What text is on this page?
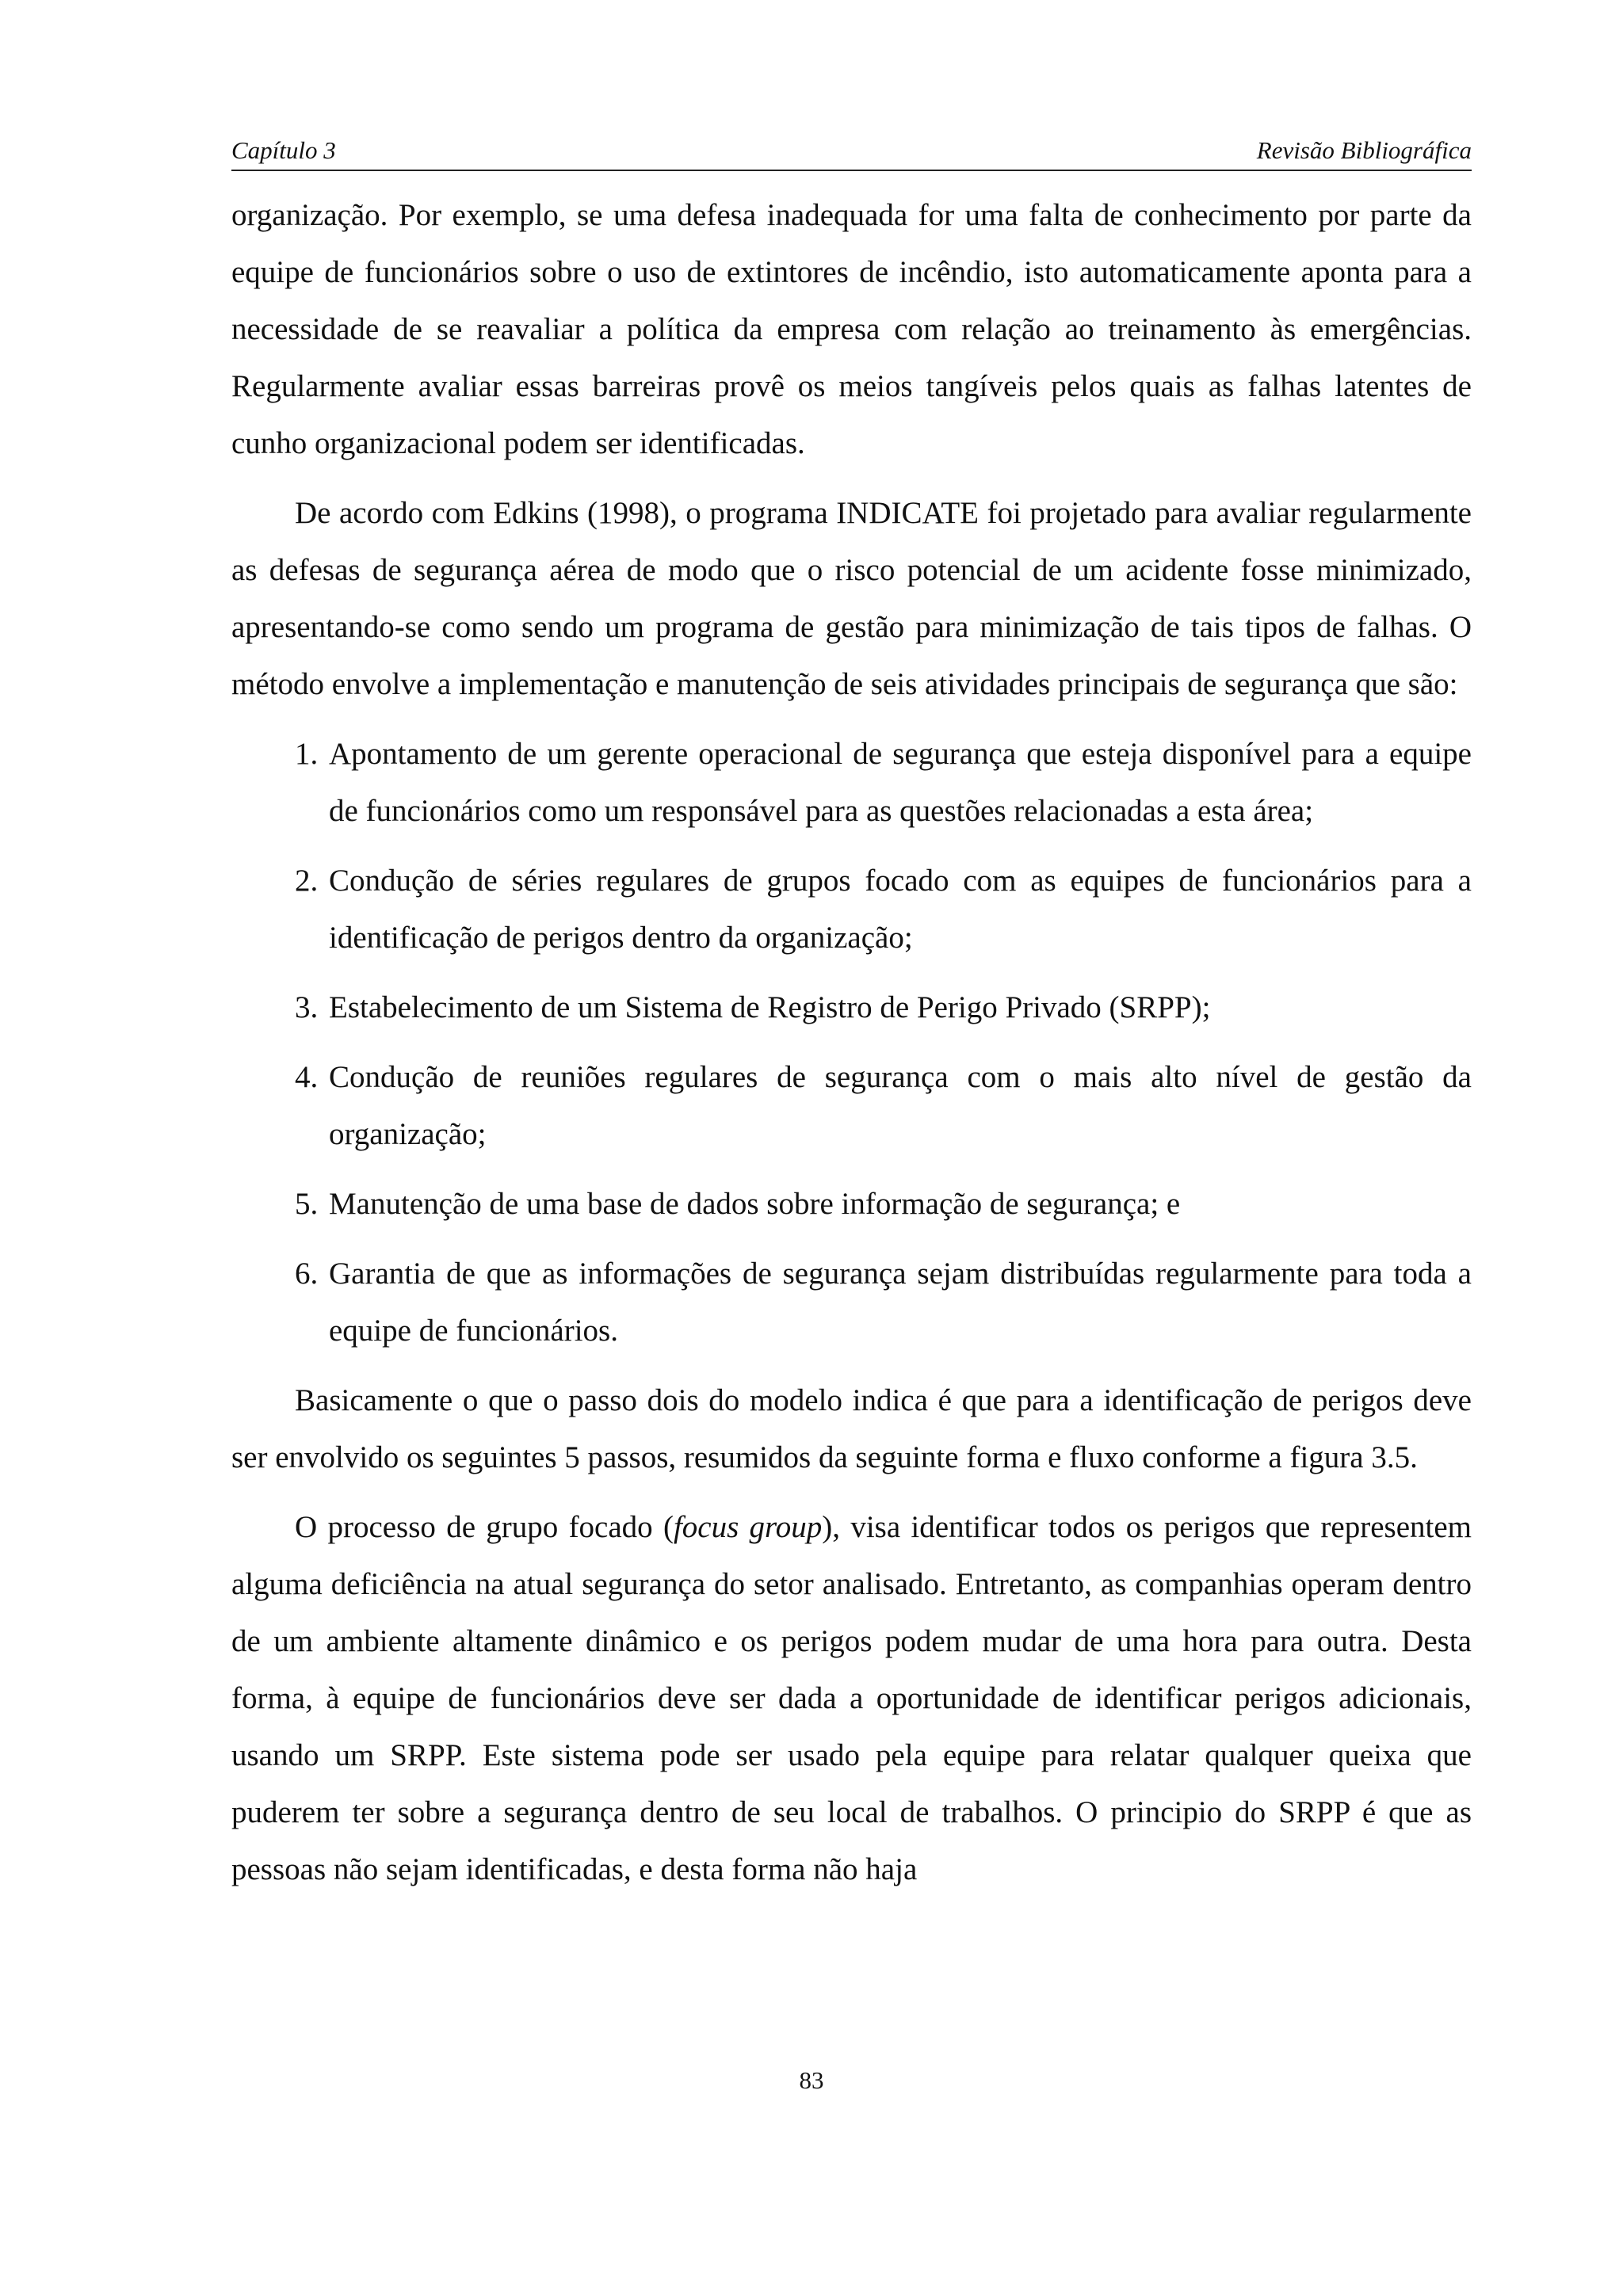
Capítulo 3	Revisão Bibliográfica

organização. Por exemplo, se uma defesa inadequada for uma falta de conhecimento por parte da equipe de funcionários sobre o uso de extintores de incêndio, isto automaticamente aponta para a necessidade de se reavaliar a política da empresa com relação ao treinamento às emergências. Regularmente avaliar essas barreiras provê os meios tangíveis pelos quais as falhas latentes de cunho organizacional podem ser identificadas.

De acordo com Edkins (1998), o programa INDICATE foi projetado para avaliar regularmente as defesas de segurança aérea de modo que o risco potencial de um acidente fosse minimizado, apresentando-se como sendo um programa de gestão para minimização de tais tipos de falhas. O método envolve a implementação e manutenção de seis atividades principais de segurança que são:

1. Apontamento de um gerente operacional de segurança que esteja disponível para a equipe de funcionários como um responsável para as questões relacionadas a esta área;
2. Condução de séries regulares de grupos focado com as equipes de funcionários para a identificação de perigos dentro da organização;
3. Estabelecimento de um Sistema de Registro de Perigo Privado (SRPP);
4. Condução de reuniões regulares de segurança com o mais alto nível de gestão da organização;
5. Manutenção de uma base de dados sobre informação de segurança; e
6. Garantia de que as informações de segurança sejam distribuídas regularmente para toda a equipe de funcionários.

Basicamente o que o passo dois do modelo indica é que para a identificação de perigos deve ser envolvido os seguintes 5 passos, resumidos da seguinte forma e fluxo conforme a figura 3.5.

O processo de grupo focado (focus group), visa identificar todos os perigos que representem alguma deficiência na atual segurança do setor analisado. Entretanto, as companhias operam dentro de um ambiente altamente dinâmico e os perigos podem mudar de uma hora para outra. Desta forma, à equipe de funcionários deve ser dada a oportunidade de identificar perigos adicionais, usando um SRPP. Este sistema pode ser usado pela equipe para relatar qualquer queixa que puderem ter sobre a segurança dentro de seu local de trabalhos. O principio do SRPP é que as pessoas não sejam identificadas, e desta forma não haja

83
